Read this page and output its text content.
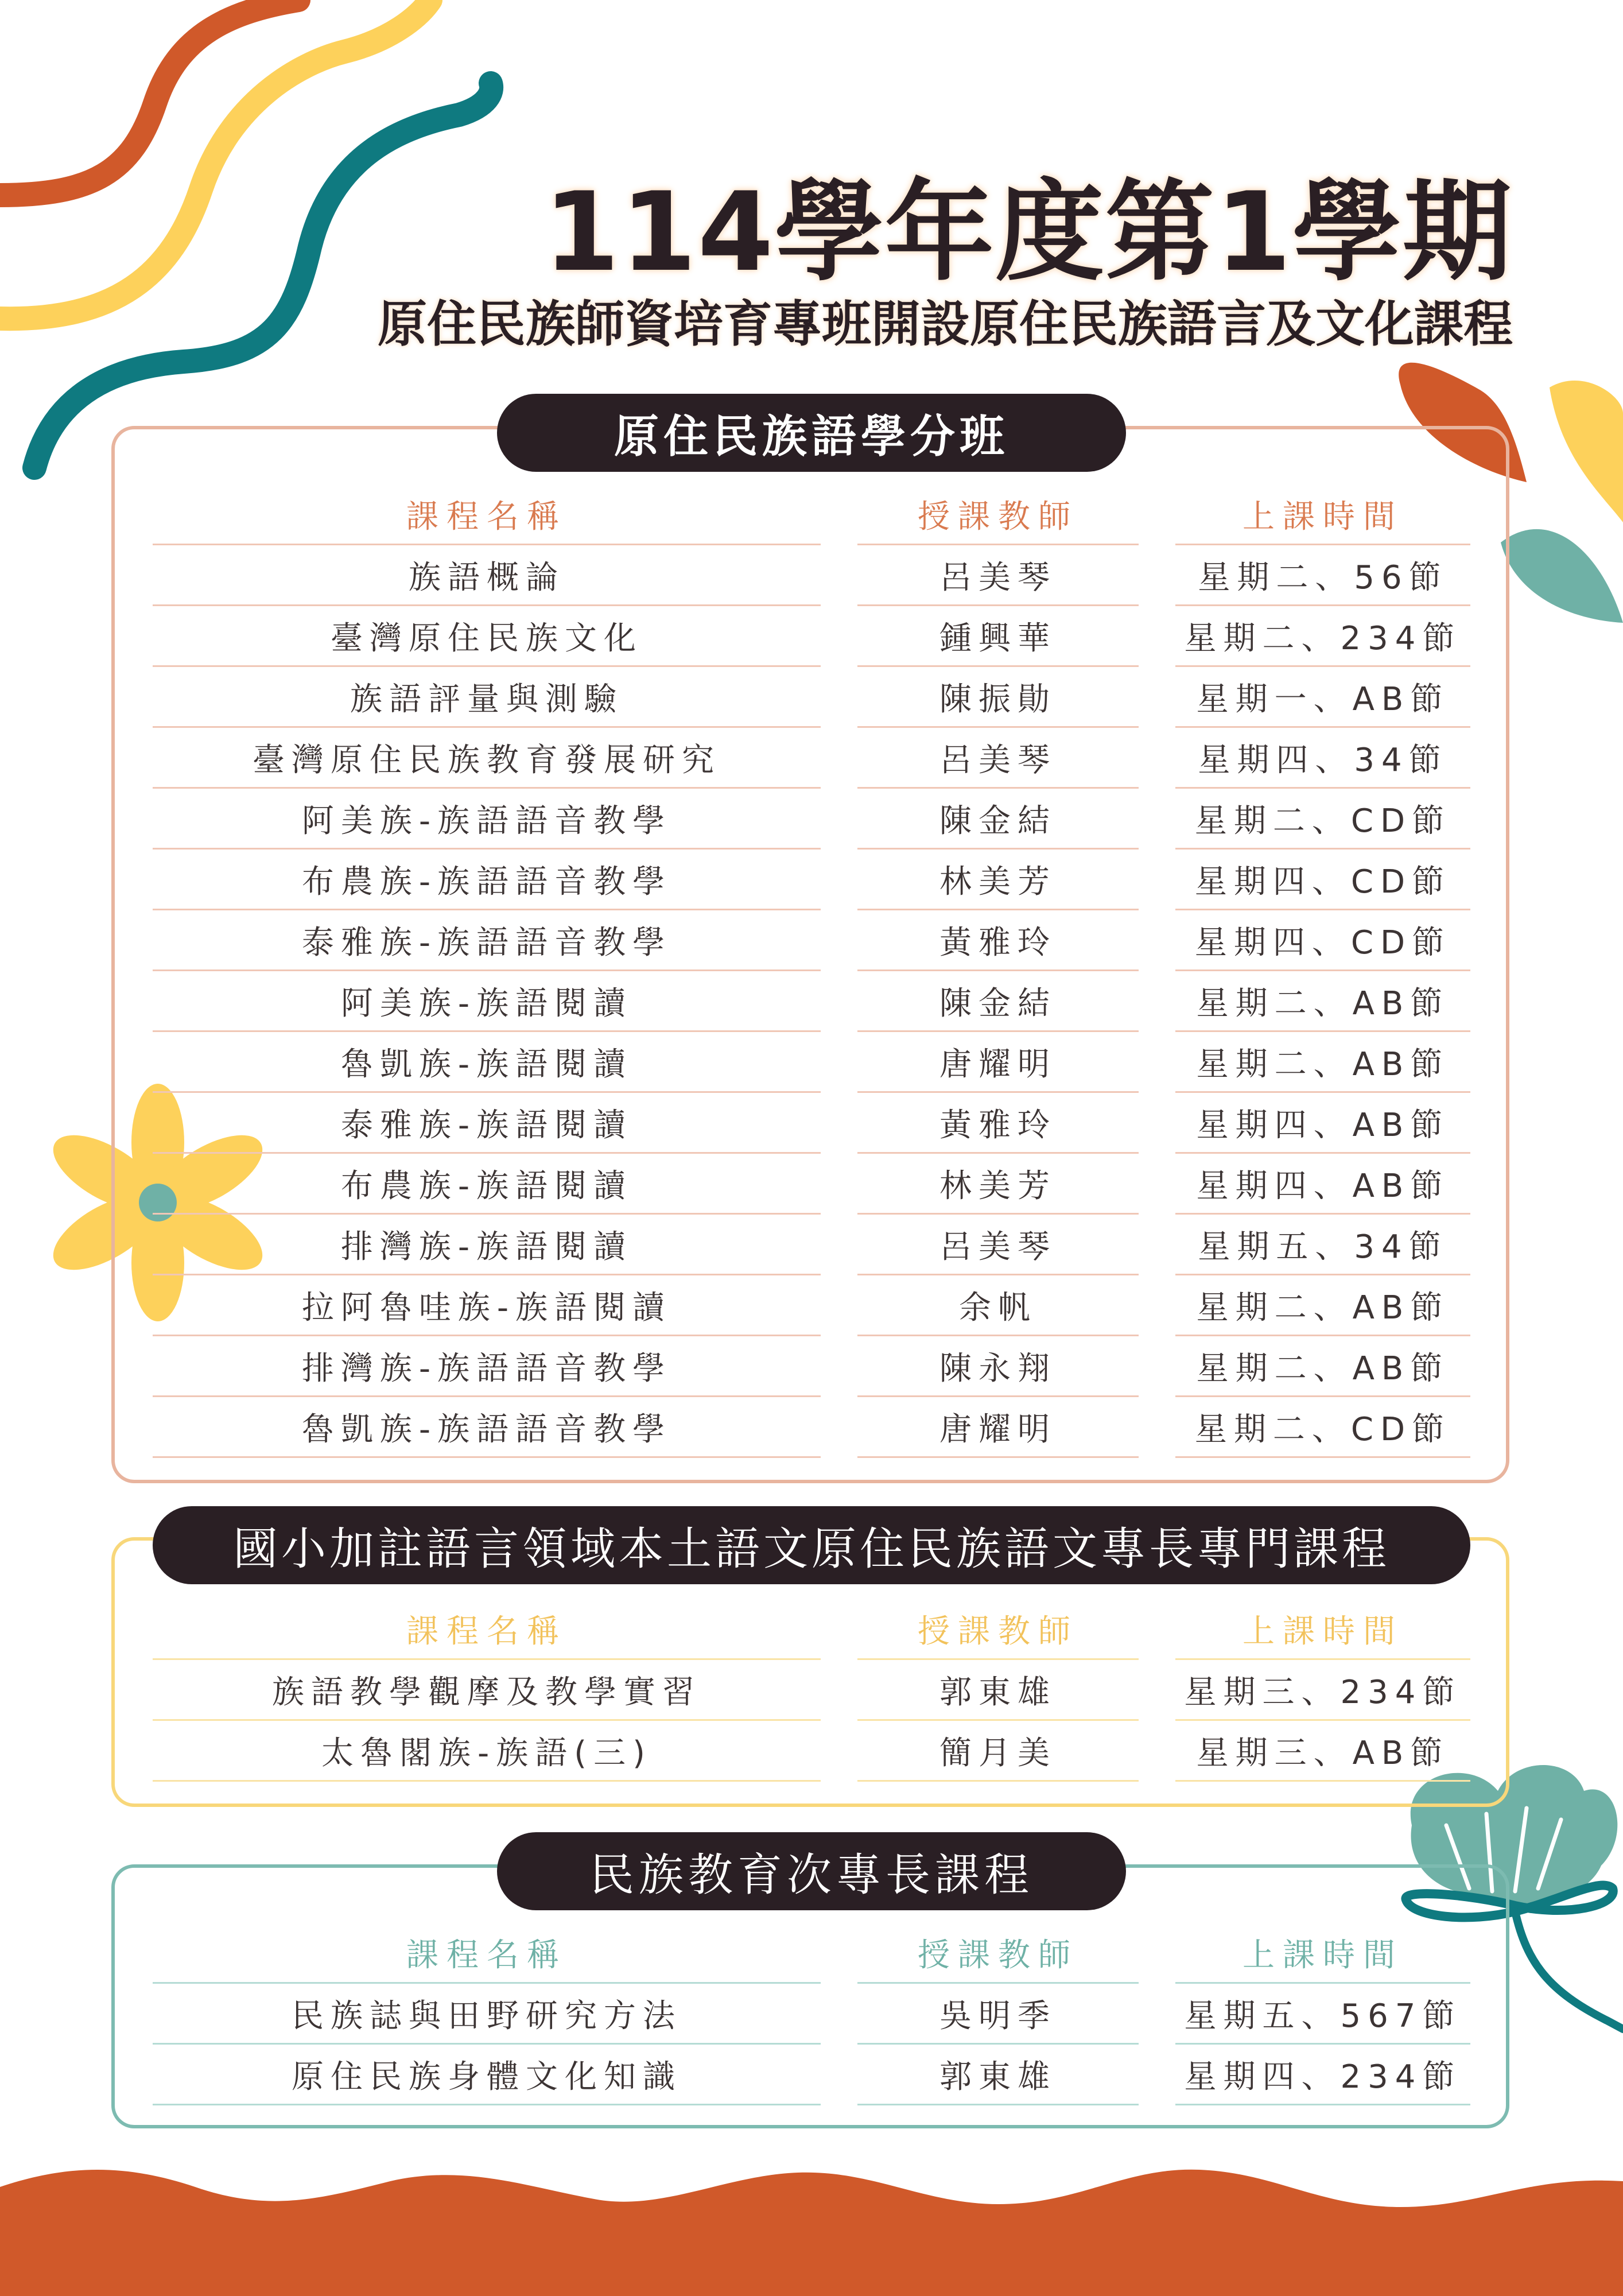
114學年度第1學期
原住民族師資培育專班開設原住民族語言及文化課程
原住民族語學分班
國小加註語言領域本土語文原住民族語文專長專門課程
民族教育次專長課程
課程名稱
族語概論
臺灣原住民族文化
族語評量與測驗
臺灣原住民族教育發展研究
阿美族-族語語音教學
布農族-族語語音教學
泰雅族-族語語音教學
阿美族-族語閱讀
魯凱族-族語閱讀
泰雅族-族語閱讀
布農族-族語閱讀
排灣族-族語閱讀
拉阿魯哇族-族語閱讀
排灣族-族語語音教學
魯凱族-族語語音教學
授課教師
呂美琴
鍾興華
陳振勛
呂美琴
陳金結
林美芳
黃雅玲
陳金結
唐耀明
黃雅玲
林美芳
呂美琴
余帆
陳永翔
唐耀明
上課時間
星期二、56節
星期二、234節
星期一、AB節
星期四、34節
星期二、CD節
星期四、CD節
星期四、CD節
星期二、AB節
星期二、AB節
星期四、AB節
星期四、AB節
星期五、34節
星期二、AB節
星期二、AB節
星期二、CD節
課程名稱
族語教學觀摩及教學實習
太魯閣族-族語(三)
授課教師
郭東雄
簡月美
上課時間
星期三、234節
星期三、AB節
課程名稱
民族誌與田野研究方法
原住民族身體文化知識
授課教師
吳明季
郭東雄
上課時間
星期五、567節
星期四、234節
